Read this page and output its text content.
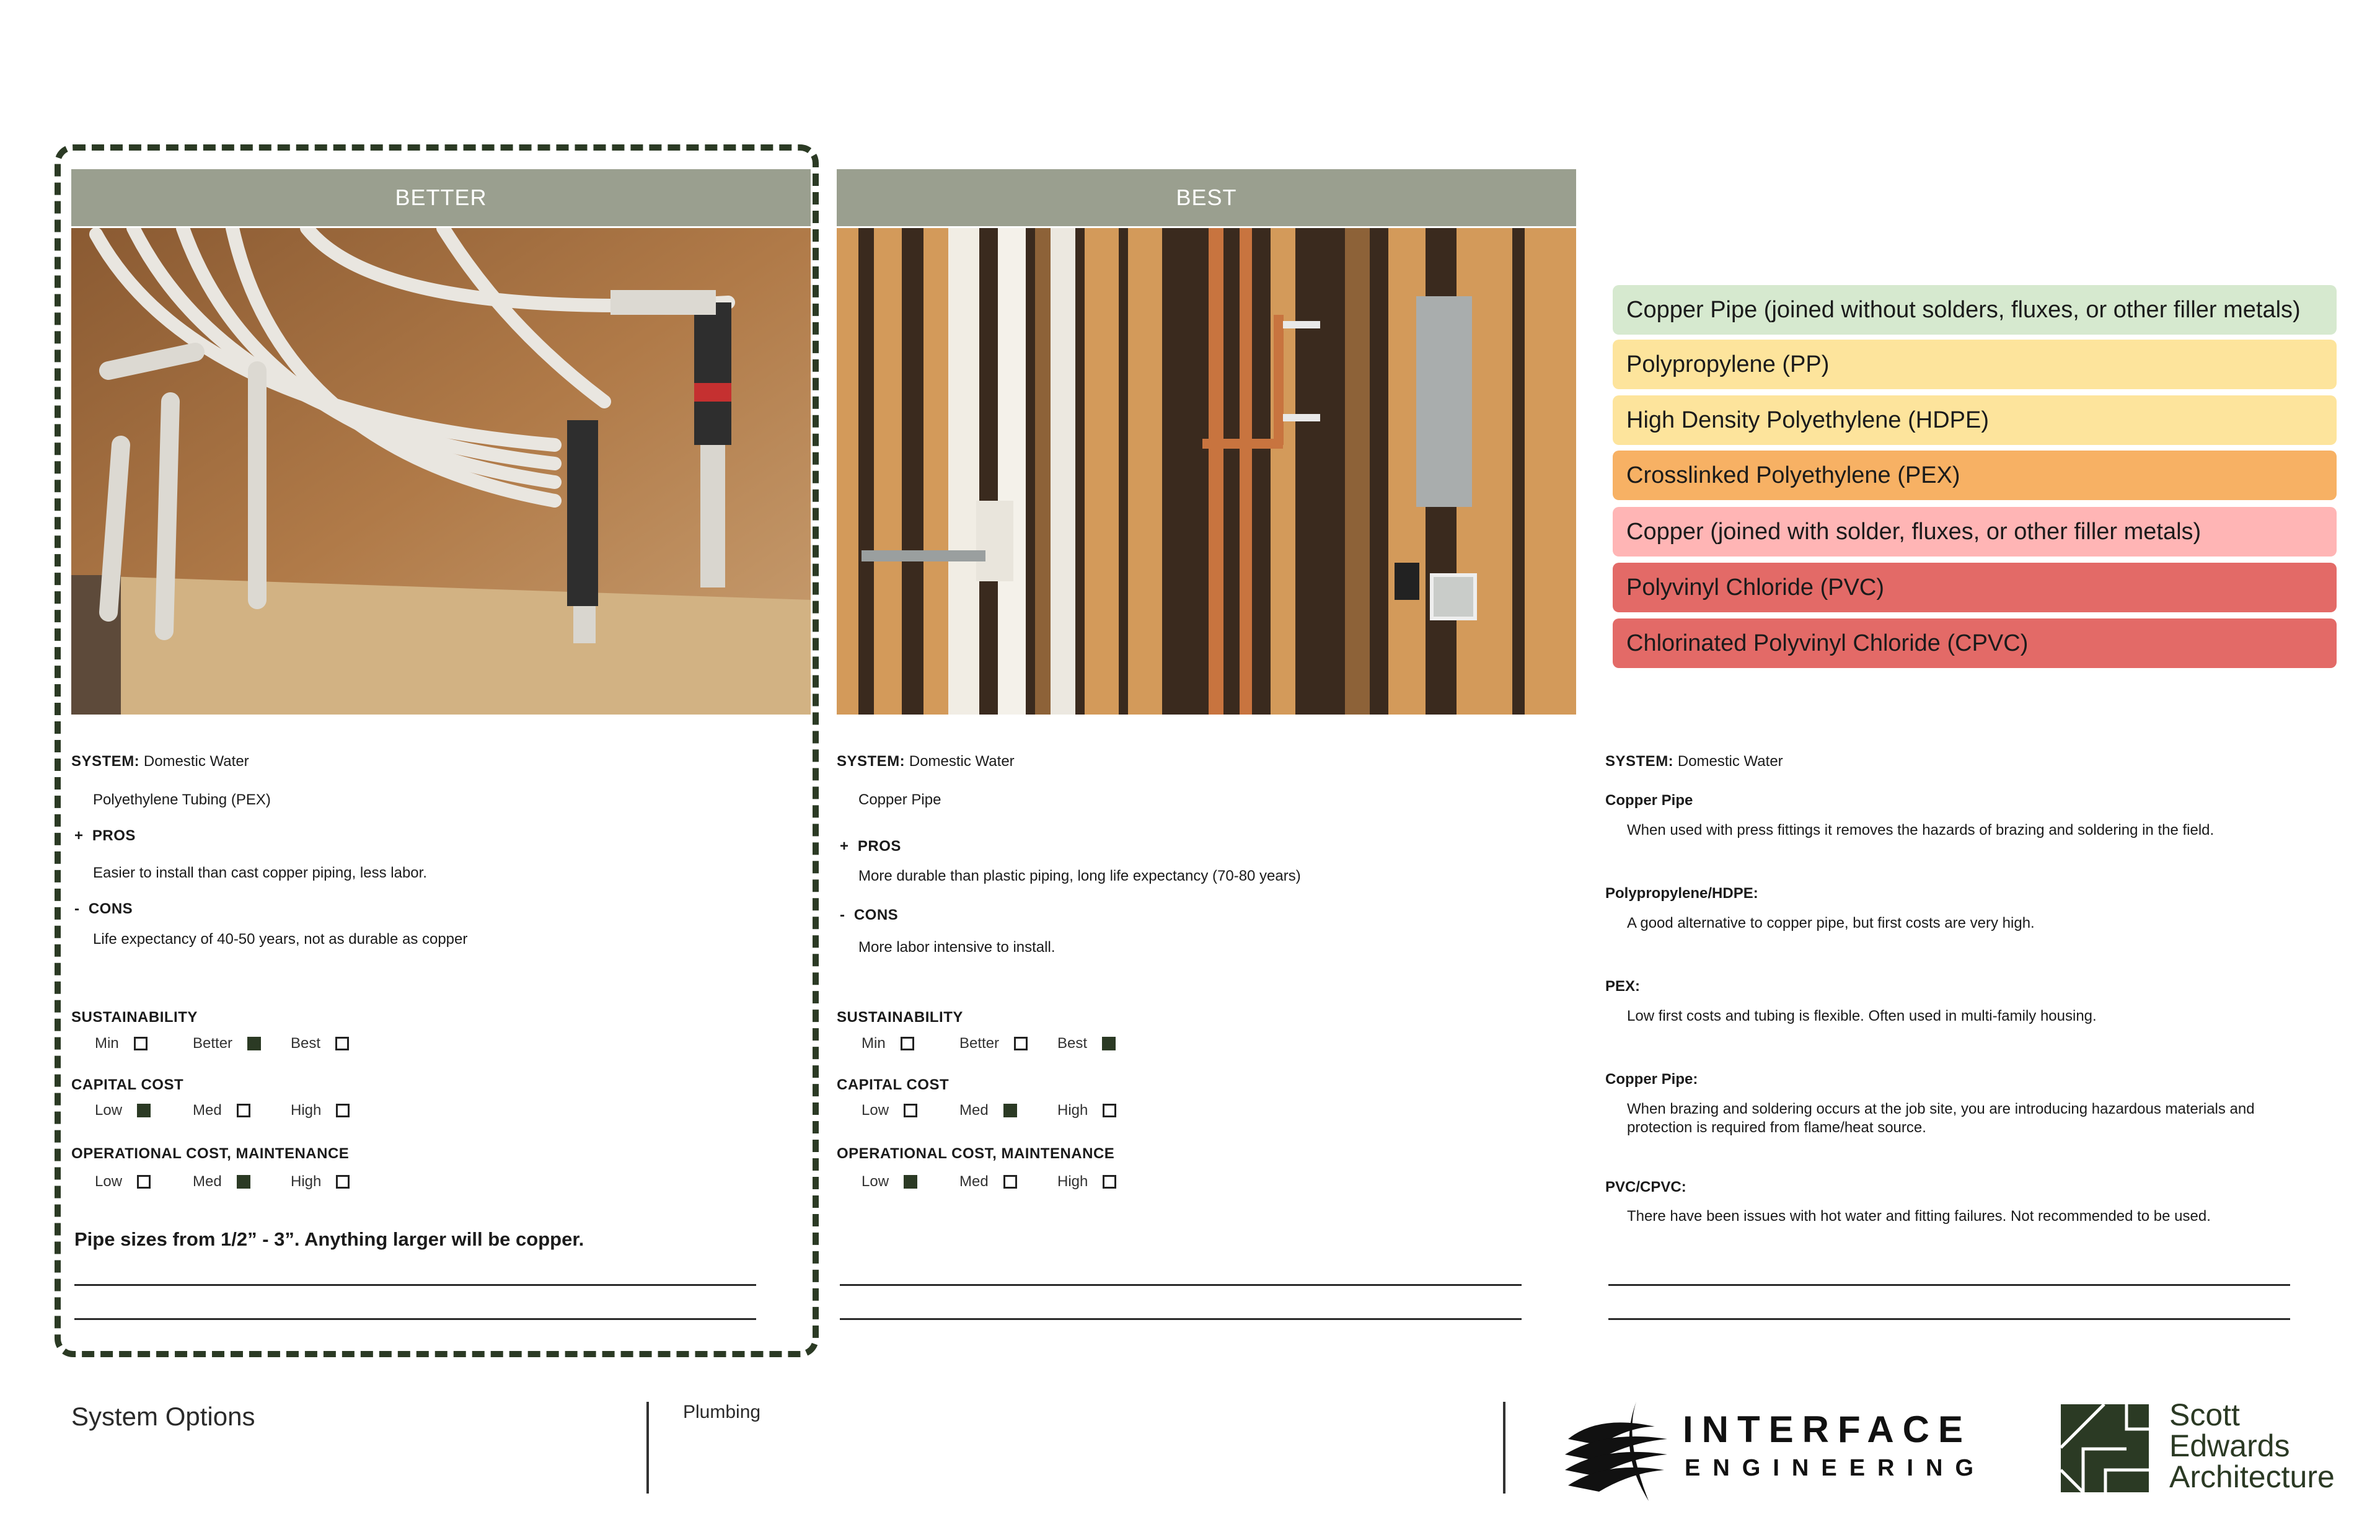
BETTER
SYSTEM: Domestic Water
Polyethylene Tubing (PEX)
+ PROS
Easier to install than cast copper piping, less labor.
- CONS
Life expectancy of 40-50 years, not as durable as copper
SUSTAINABILITY
Min	Better	Best
CAPITAL COST
Low	Med	High
OPERATIONAL COST, MAINTENANCE
Low	Med	High
Pipe sizes from 1/2” - 3”. Anything larger will be copper.
BEST
SYSTEM: Domestic Water
Copper Pipe
+ PROS
More durable than plastic piping, long life expectancy (70-80 years)
- CONS
More labor intensive to install.
SUSTAINABILITY
Min	Better	Best
CAPITAL COST
Low	Med	High
OPERATIONAL COST, MAINTENANCE
Low	Med	High
Copper Pipe (joined without solders, fluxes, or other filler metals)
Polypropylene (PP)
High Density Polyethylene (HDPE)
Crosslinked Polyethylene (PEX)
Copper (joined with solder, fluxes, or other filler metals)
Polyvinyl Chloride (PVC)
Chlorinated Polyvinyl Chloride (CPVC)
SYSTEM: Domestic Water
Copper Pipe
When used with press fittings it removes the hazards of brazing and soldering in the field.
Polypropylene/HDPE:
A good alternative to copper pipe, but first costs are very high.
PEX:
Low first costs and tubing is flexible. Often used in multi-family housing.
Copper Pipe:
When brazing and soldering occurs at the job site, you are introducing hazardous materials and protection is required from flame/heat source.
PVC/CPVC:
There have been issues with hot water and fitting failures. Not recommended to be used.
System Options	Plumbing	INTERFACE
ENGINEERING
Scott
Edwards
Architecture
